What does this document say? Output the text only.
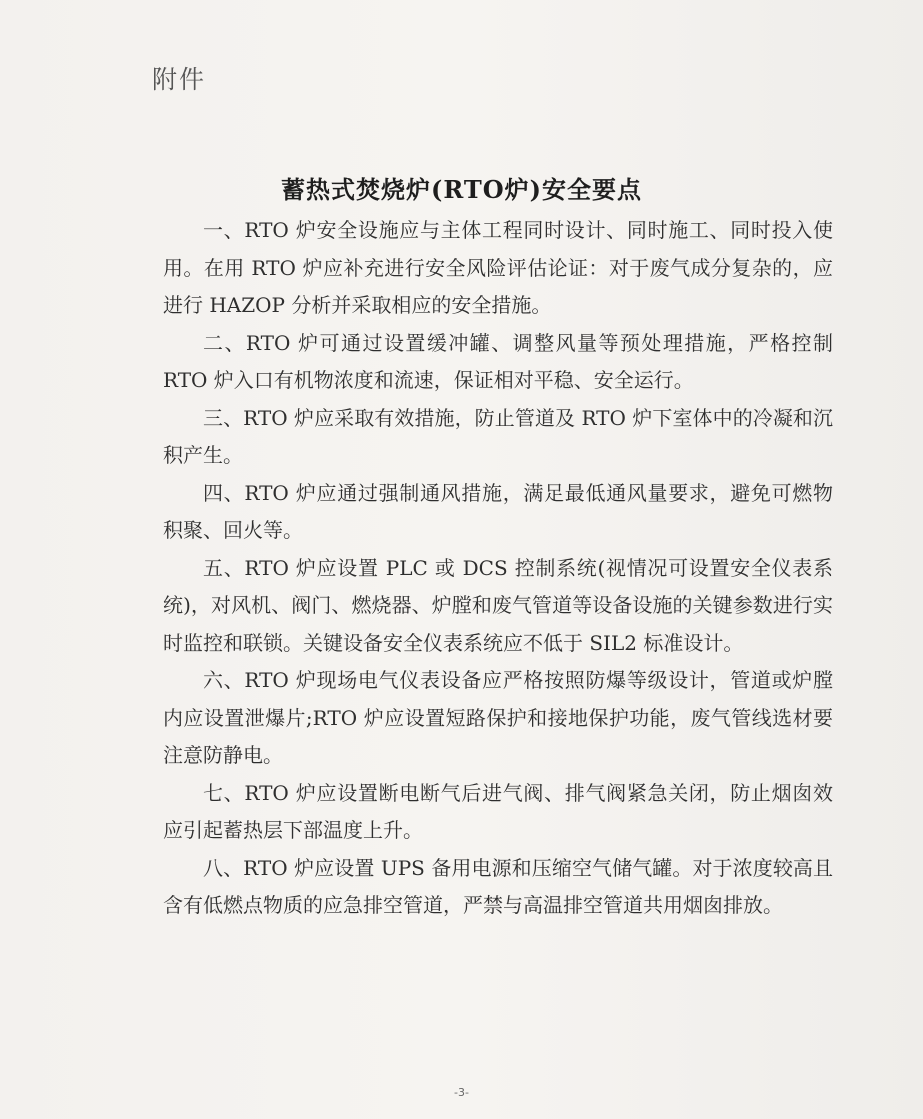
附件
蓄热式焚烧炉(RTO炉)安全要点

一、RTO 炉安全设施应与主体工程同时设计、同时施工、同时投入使用。在用 RTO 炉应补充进行安全风险评估论证：对于废气成分复杂的，应进行 HAZOP 分析并采取相应的安全措施。

二、RTO 炉可通过设置缓冲罐、调整风量等预处理措施，严格控制 RTO 炉入口有机物浓度和流速，保证相对平稳、安全运行。

三、RTO 炉应采取有效措施，防止管道及 RTO 炉下室体中的冷凝和沉积产生。

四、RTO 炉应通过强制通风措施，满足最低通风量要求，避免可燃物积聚、回火等。

五、RTO 炉应设置 PLC 或 DCS 控制系统(视情况可设置安全仪表系统)，对风机、阀门、燃烧器、炉膛和废气管道等设备设施的关键参数进行实时监控和联锁。关键设备安全仪表系统应不低于 SIL2 标准设计。

六、RTO 炉现场电气仪表设备应严格按照防爆等级设计，管道或炉膛内应设置泄爆片;RTO 炉应设置短路保护和接地保护功能，废气管线选材要注意防静电。

七、RTO 炉应设置断电断气后进气阀、排气阀紧急关闭，防止烟囱效应引起蓄热层下部温度上升。

八、RTO 炉应设置 UPS 备用电源和压缩空气储气罐。对于浓度较高且含有低燃点物质的应急排空管道，严禁与高温排空管道共用烟囱排放。

-3-
